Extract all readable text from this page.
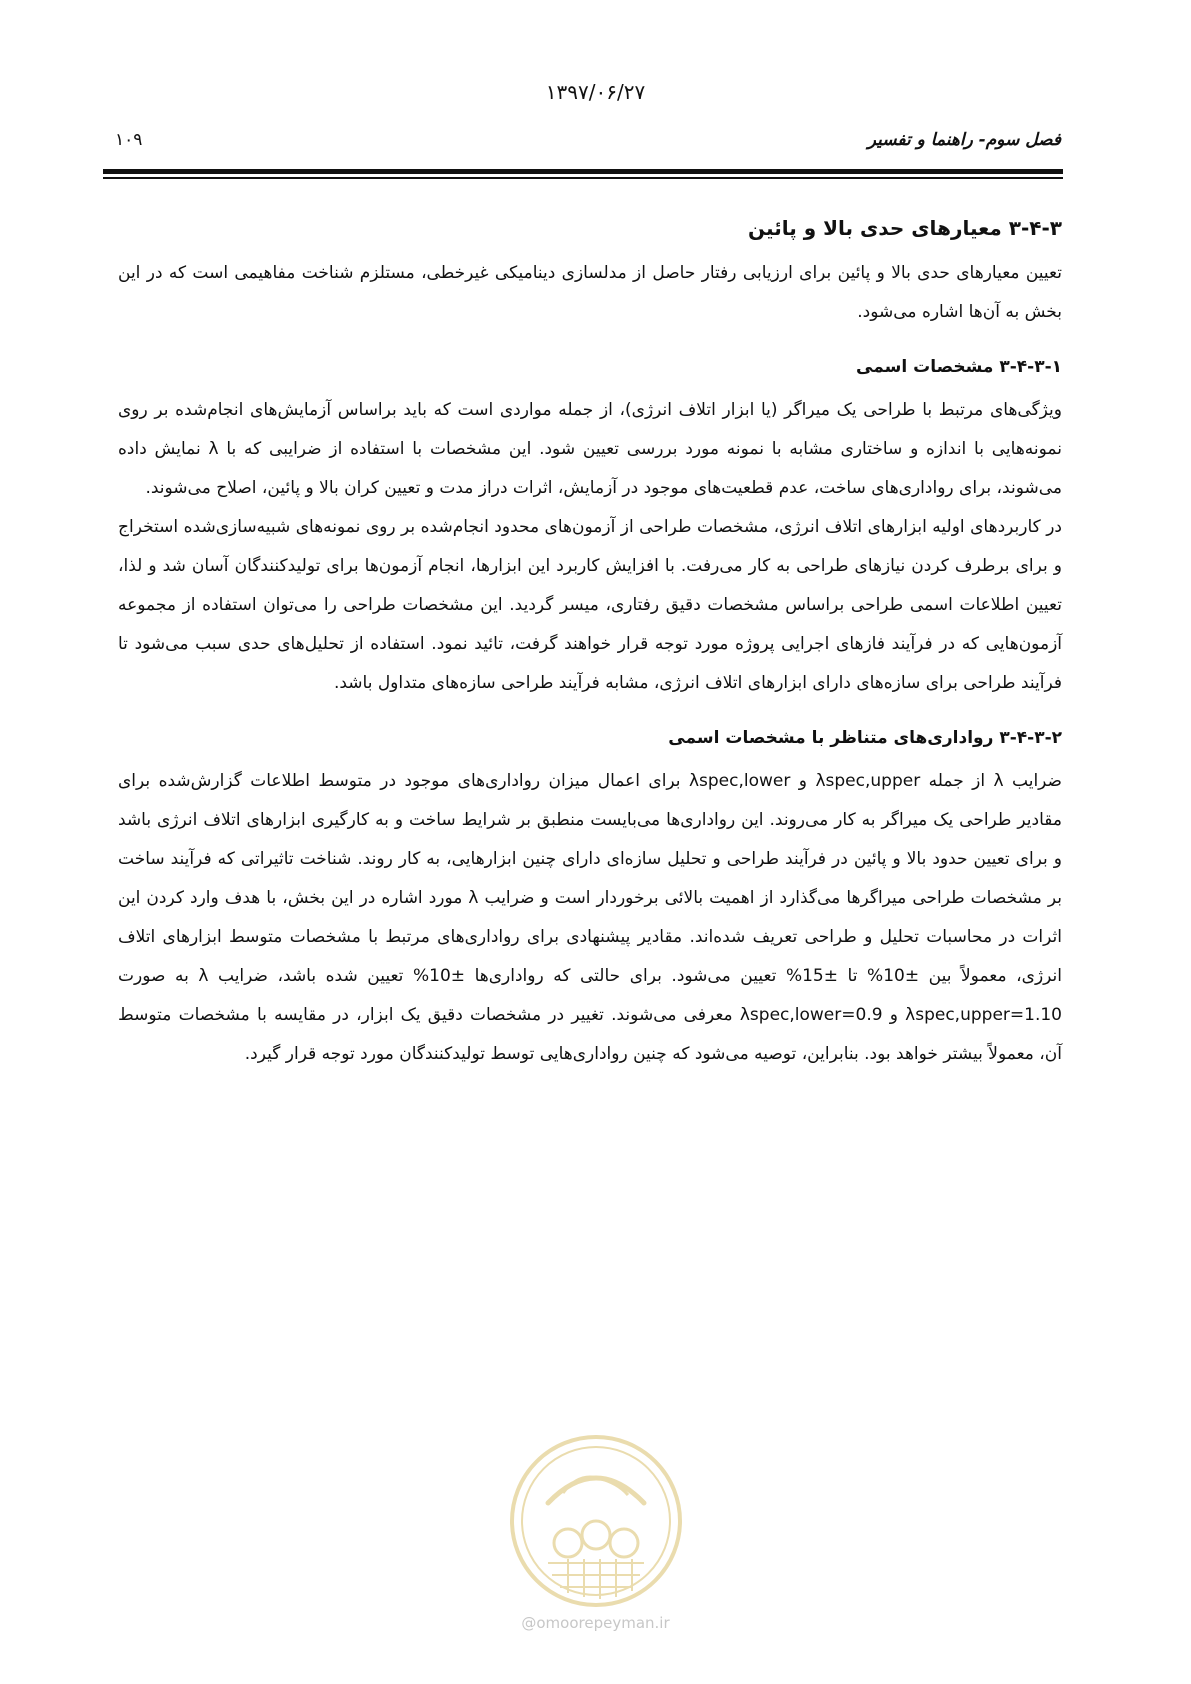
۱۳۹۷/۰۶/۲۷
فصل سوم- راهنما و تفسیر
۱۰۹
۳-۴-۳ معیارهای حدی بالا و پائین

تعیین معیارهای حدی بالا و پائین برای ارزیابی رفتار حاصل از مدلسازی دینامیکی غیرخطی، مستلزم شناخت مفاهیمی است که در این بخش به آن‌ها اشاره می‌شود.

۳-۴-۳-۱ مشخصات اسمی

ویژگی‌های مرتبط با طراحی یک میراگر (یا ابزار اتلاف انرژی)، از جمله مواردی است که باید براساس آزمایش‌های انجام‌شده بر روی نمونه‌هایی با اندازه و ساختاری مشابه با نمونه مورد بررسی تعیین شود. این مشخصات با استفاده از ضرایبی که با λ نمایش داده می‌شوند، برای رواداری‌های ساخت، عدم قطعیت‌های موجود در آزمایش، اثرات دراز مدت و تعیین کران بالا و پائین، اصلاح می‌شوند.

در کاربردهای اولیه ابزارهای اتلاف انرژی، مشخصات طراحی از آزمون‌های محدود انجام‌شده بر روی نمونه‌های شبیه‌سازی‌شده استخراج و برای برطرف کردن نیازهای طراحی به کار می‌رفت. با افزایش کاربرد این ابزارها، انجام آزمون‌ها برای تولیدکنندگان آسان شد و لذا، تعیین اطلاعات اسمی طراحی براساس مشخصات دقیق رفتاری، میسر گردید. این مشخصات طراحی را می‌توان استفاده از مجموعه آزمون‌هایی که در فرآیند فازهای اجرایی پروژه مورد توجه قرار خواهند گرفت، تائید نمود. استفاده از تحلیل‌های حدی سبب می‌شود تا فرآیند طراحی برای سازه‌های دارای ابزارهای اتلاف انرژی، مشابه فرآیند طراحی سازه‌های متداول باشد.

۳-۴-۳-۲ رواداری‌های متناظر با مشخصات اسمی

ضرایب λ از جمله λspec,upper و λspec,lower برای اعمال میزان رواداری‌های موجود در متوسط اطلاعات گزارش‌شده برای مقادیر طراحی یک میراگر به کار می‌روند. این رواداری‌ها می‌بایست منطبق بر شرایط ساخت و به کارگیری ابزارهای اتلاف انرژی باشد و برای تعیین حدود بالا و پائین در فرآیند طراحی و تحلیل سازه‌ای دارای چنین ابزارهایی، به کار روند. شناخت تاثیراتی که فرآیند ساخت بر مشخصات طراحی میراگرها می‌گذارد از اهمیت بالائی برخوردار است و ضرایب λ مورد اشاره در این بخش، با هدف وارد کردن این اثرات در محاسبات تحلیل و طراحی تعریف شده‌اند. مقادیر پیشنهادی برای رواداری‌های مرتبط با مشخصات متوسط ابزارهای اتلاف انرژی، معمولاً بین ±10% تا ±15% تعیین می‌شود. برای حالتی که رواداری‌ها ±10% تعیین شده باشد، ضرایب λ به صورت λspec,upper=1.10 و λspec,lower=0.9 معرفی می‌شوند. تغییر در مشخصات دقیق یک ابزار، در مقایسه با مشخصات متوسط آن، معمولاً بیشتر خواهد بود. بنابراین، توصیه می‌شود که چنین رواداری‌هایی توسط تولیدکنندگان مورد توجه قرار گیرد.

@omoorepeyman.ir
